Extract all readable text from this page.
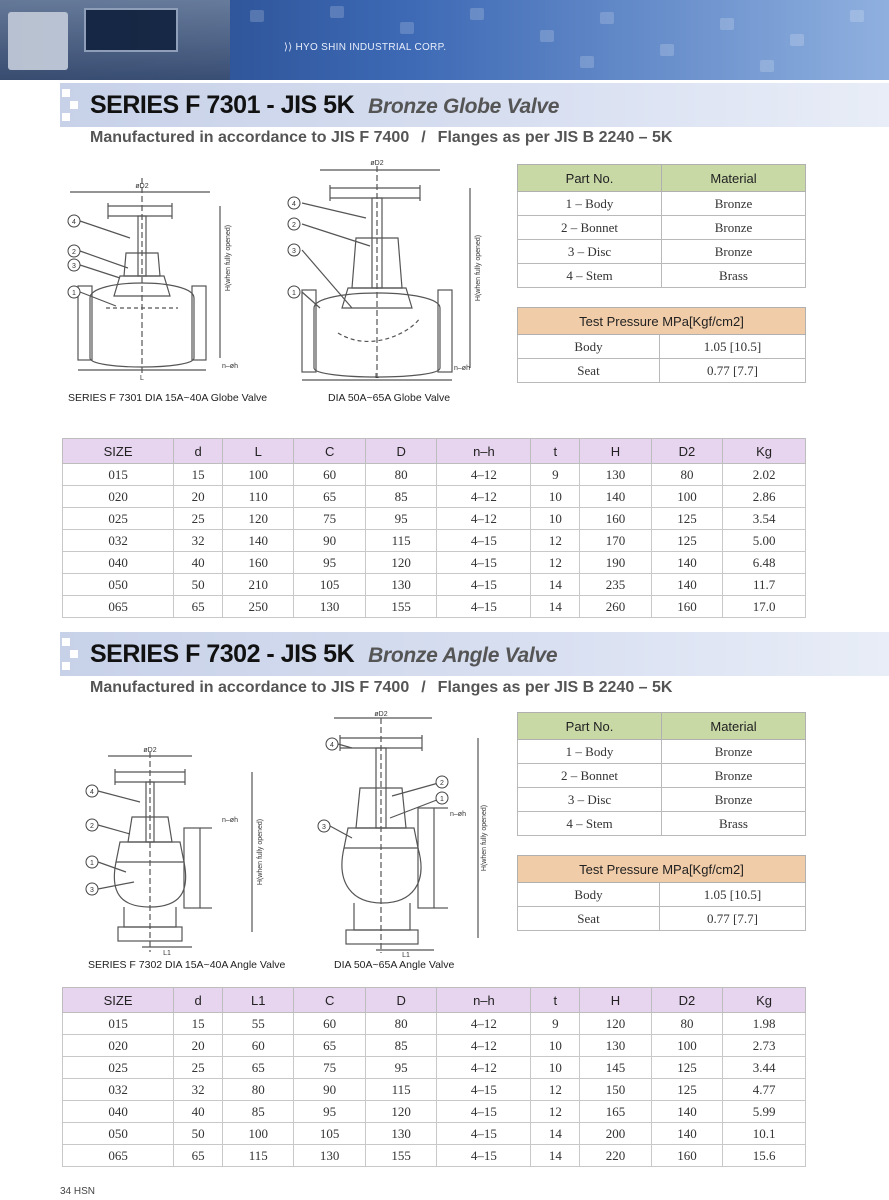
⟩⟩ HYO SHIN INDUSTRIAL CORP.
SERIES F 7301 - JIS 5K Bronze Globe Valve
Manufactured in accordance to JIS F 7400 / Flanges as per JIS B 2240 – 5K
4
2
3
1
øD2
L
H(when fully opened)
n–øh
4
2
3
1
øD2
L
H(when fully opened)
n–øh
SERIES F 7301 DIA 15A~40A Globe Valve	DIA 50A~65A Globe Valve
Part No.	Material
1 – Body	Bronze
2 – Bonnet	Bronze
3 – Disc	Bronze
4 – Stem	Brass
Test Pressure MPa[Kgf/cm2]	
Body	1.05 [10.5]
Seat	0.77 [7.7]
SIZE	d	L	C	D	n–h	t	H	D2	Kg
015	15	100	60	80	4–12	9	130	80	2.02
020	20	110	65	85	4–12	10	140	100	2.86
025	25	120	75	95	4–12	10	160	125	3.54
032	32	140	90	115	4–15	12	170	125	5.00
040	40	160	95	120	4–15	12	190	140	6.48
050	50	210	105	130	4–15	14	235	140	11.7
065	65	250	130	155	4–15	14	260	160	17.0
SERIES F 7302 - JIS 5K Bronze Angle Valve
Manufactured in accordance to JIS F 7400 / Flanges as per JIS B 2240 – 5K
4
2
1
3
øD2
L1
H(when fully opened)
n–øh
4
2
1
3
øD2
L1
H(when fully opened)
n–øh
SERIES F 7302 DIA 15A~40A Angle Valve	DIA 50A~65A Angle Valve
Part No.	Material
1 – Body	Bronze
2 – Bonnet	Bronze
3 – Disc	Bronze
4 – Stem	Brass
Test Pressure MPa[Kgf/cm2]	
Body	1.05 [10.5]
Seat	0.77 [7.7]
SIZE	d	L1	C	D	n–h	t	H	D2	Kg
015	15	55	60	80	4–12	9	120	80	1.98
020	20	60	65	85	4–12	10	130	100	2.73
025	25	65	75	95	4–12	10	145	125	3.44
032	32	80	90	115	4–15	12	150	125	4.77
040	40	85	95	120	4–15	12	165	140	5.99
050	50	100	105	130	4–15	14	200	140	10.1
065	65	115	130	155	4–15	14	220	160	15.6
34 HSN
